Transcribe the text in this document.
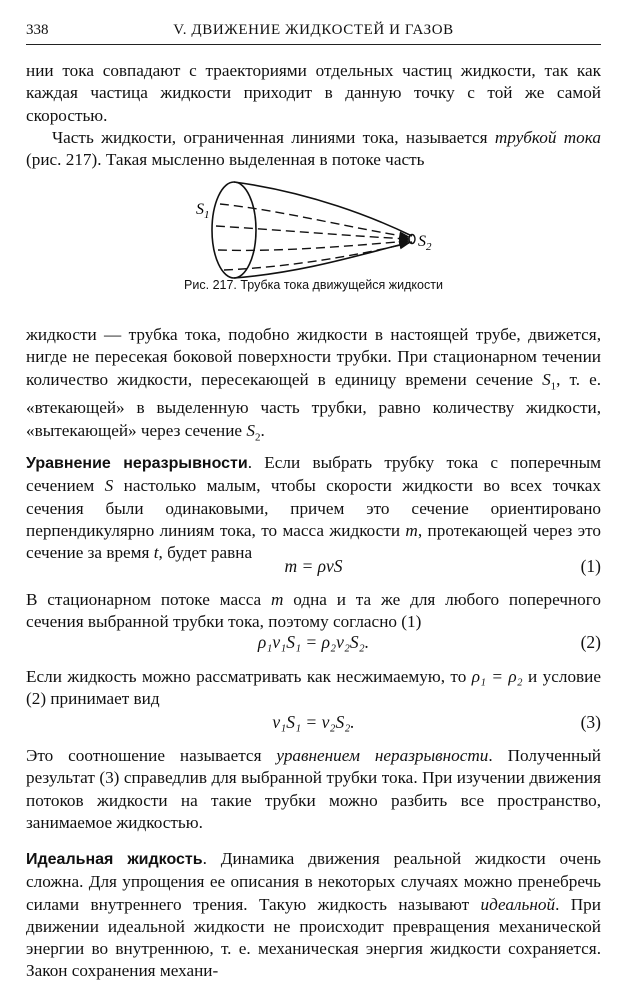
338	V. ДВИЖЕНИЕ ЖИДКОСТЕЙ И ГАЗОВ
нии тока совпадают с траекториями отдельных частиц жидкости, так как каждая частица жидкости приходит в данную точку с той же самой скоростью.
Часть жидкости, ограниченная линиями тока, называется трубкой тока (рис. 217). Такая мысленно выделенная в потоке часть
$S_1$
$S_2$
Рис. 217. Трубка тока движущейся жидкости
жидкости — трубка тока, подобно жидкости в настоящей трубе, движется, нигде не пересекая боковой поверхности трубки. При стационарном течении количество жидкости, пересекающей в единицу времени сечение $S_1$, т. е. «втекающей» в выделенную часть трубки, равно количеству жидкости, «вытекающей» через сечение $S_2$.
Уравнение неразрывности. Если выбрать трубку тока с поперечным сечением S настолько малым, чтобы скорости жидкости во всех точках сечения были одинаковыми, причем это сечение ориентировано перпендикулярно линиям тока, то масса жидкости m, протекающей через это сечение за время t, будет равна
m = ρvS	(1)
В стационарном потоке масса m одна и та же для любого поперечного сечения выбранной трубки тока, поэтому согласно (1)
ρ₁v₁S₁ = ρ₂v₂S₂.	(2)
Если жидкость можно рассматривать как несжимаемую, то ρ₁ = ρ₂ и условие (2) принимает вид
v₁S₁ = v₂S₂.	(3)
Это соотношение называется уравнением неразрывности. Полученный результат (3) справедлив для выбранной трубки тока. При изучении движения потоков жидкости на такие трубки можно разбить все пространство, занимаемое жидкостью.
Идеальная жидкость. Динамика движения реальной жидкости очень сложна. Для упрощения ее описания в некоторых случаях можно пренебречь силами внутреннего трения. Такую жидкость называют идеальной. При движении идеальной жидкости не происходит превращения механической энергии во внутреннюю, т. е. механическая энергия жидкости сохраняется. Закон сохранения механи-
